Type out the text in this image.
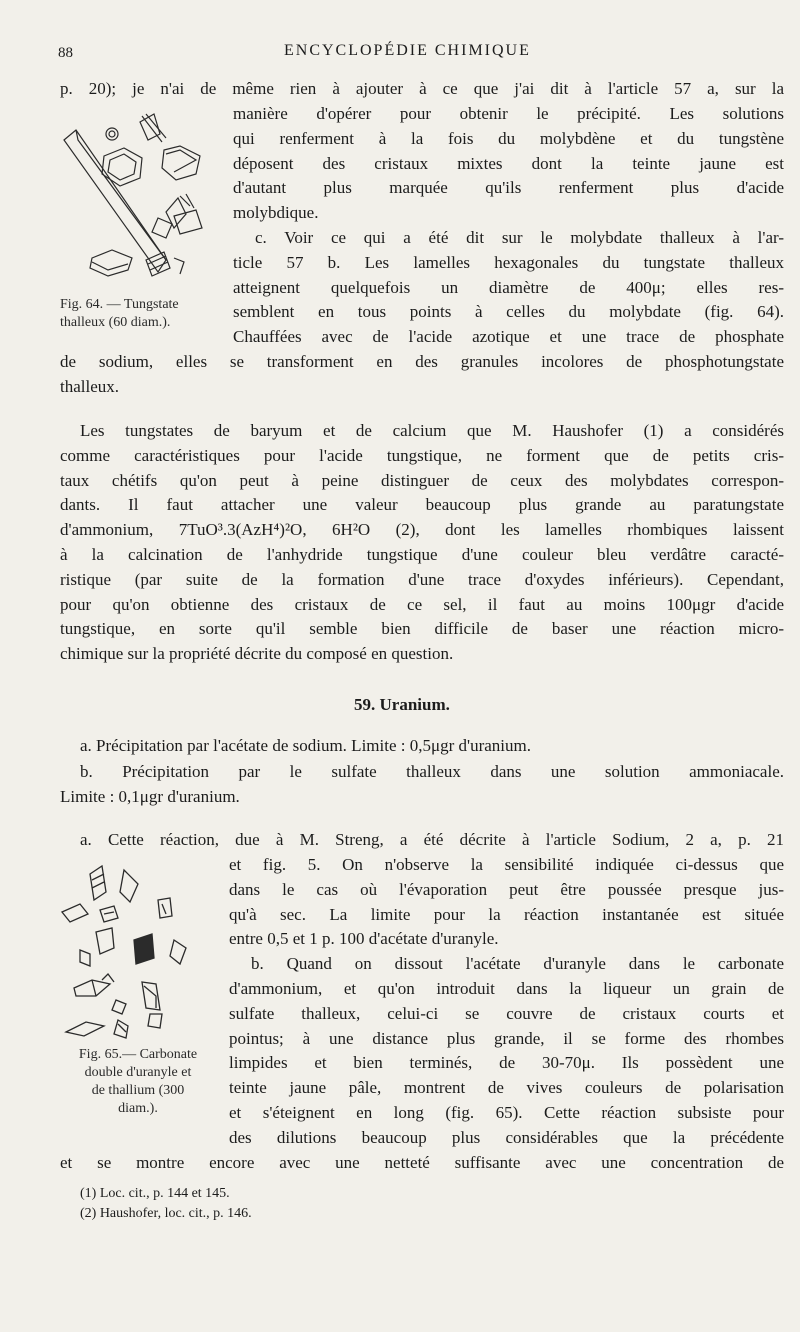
88	ENCYCLOPÉDIE CHIMIQUE

p. 20); je n'ai de même rien à ajouter à ce que j'ai dit à l'article 57 a, sur la

manière d'opérer pour obtenir le précipité. Les solutions

qui renferment à la fois du molybdène et du tungstène

déposent des cristaux mixtes dont la teinte jaune est

d'autant plus marquée qu'ils renferment plus d'acide

molybdique.

c. Voir ce qui a été dit sur le molybdate thalleux à l'ar-

ticle 57 b. Les lamelles hexagonales du tungstate thalleux

atteignent quelquefois un diamètre de 400μ; elles res-

semblent en tous points à celles du molybdate (fig. 64).

Chauffées avec de l'acide azotique et une trace de phosphate

de sodium, elles se transforment en des granules incolores de phosphotungstate

thalleux.

Fig. 64. — Tungstate

thalleux (60 diam.).

Les tungstates de baryum et de calcium que M. Haushofer (1) a considérés

comme caractéristiques pour l'acide tungstique, ne forment que de petits cris-

taux chétifs qu'on peut à peine distinguer de ceux des molybdates correspon-

dants. Il faut attacher une valeur beaucoup plus grande au paratungstate

d'ammonium, 7TuO³.3(AzH⁴)²O, 6H²O (2), dont les lamelles rhombiques laissent

à la calcination de l'anhydride tungstique d'une couleur bleu verdâtre caracté-

ristique (par suite de la formation d'une trace d'oxydes inférieurs). Cependant,

pour qu'on obtienne des cristaux de ce sel, il faut au moins 100μgr d'acide

tungstique, en sorte qu'il semble bien difficile de baser une réaction micro-

chimique sur la propriété décrite du composé en question.

59. Uranium.
a. Précipitation par l'acétate de sodium. Limite : 0,5μgr d'uranium.

b. Précipitation par le sulfate thalleux dans une solution ammoniacale.

Limite : 0,1μgr d'uranium.

a. Cette réaction, due à M. Streng, a été décrite à l'article Sodium, 2 a, p. 21

et fig. 5. On n'observe la sensibilité indiquée ci-dessus que

dans le cas où l'évaporation peut être poussée presque jus-

qu'à sec. La limite pour la réaction instantanée est située

entre 0,5 et 1 p. 100 d'acétate d'uranyle.

b. Quand on dissout l'acétate d'uranyle dans le carbonate

d'ammonium, et qu'on introduit dans la liqueur un grain de

sulfate thalleux, celui-ci se couvre de cristaux courts et

pointus; à une distance plus grande, il se forme des rhombes

limpides et bien terminés, de 30-70μ. Ils possèdent une

teinte jaune pâle, montrent de vives couleurs de polarisation

et s'éteignent en long (fig. 65). Cette réaction subsiste pour

des dilutions beaucoup plus considérables que la précédente

et se montre encore avec une netteté suffisante avec une concentration de

Fig. 65.— Carbonate

double d'uranyle et

de thallium (300

diam.).

(1) Loc. cit., p. 144 et 145.
(2) Haushofer, loc. cit., p. 146.
